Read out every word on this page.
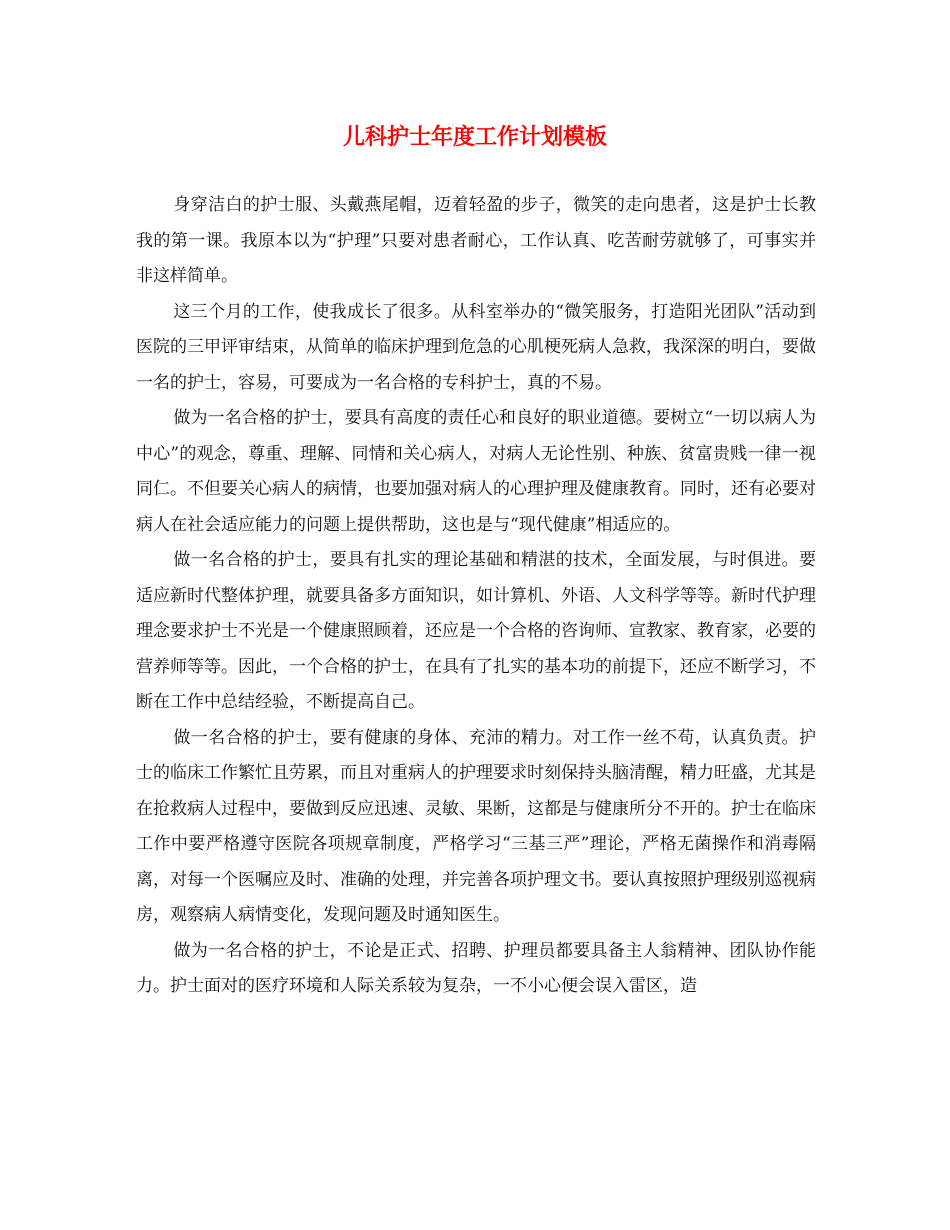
儿科护士年度工作计划模板

身穿洁白的护士服、头戴燕尾帽，迈着轻盈的步子，微笑的走向患者，这是护士长教我的第一课。我原本以为“护理”只要对患者耐心，工作认真、吃苦耐劳就够了，可事实并非这样简单。

这三个月的工作，使我成长了很多。从科室举办的“微笑服务，打造阳光团队”活动到医院的三甲评审结束，从简单的临床护理到危急的心肌梗死病人急救，我深深的明白，要做一名的护士，容易，可要成为一名合格的专科护士，真的不易。

做为一名合格的护士，要具有高度的责任心和良好的职业道德。要树立“一切以病人为中心”的观念，尊重、理解、同情和关心病人，对病人无论性别、种族、贫富贵贱一律一视同仁。不但要关心病人的病情，也要加强对病人的心理护理及健康教育。同时，还有必要对病人在社会适应能力的问题上提供帮助，这也是与“现代健康”相适应的。

做一名合格的护士，要具有扎实的理论基础和精湛的技术，全面发展，与时俱进。要适应新时代整体护理，就要具备多方面知识，如计算机、外语、人文科学等等。新时代护理理念要求护士不光是一个健康照顾着，还应是一个合格的咨询师、宣教家、教育家，必要的营养师等等。因此，一个合格的护士，在具有了扎实的基本功的前提下，还应不断学习，不断在工作中总结经验，不断提高自己。

做一名合格的护士，要有健康的身体、充沛的精力。对工作一丝不苟，认真负责。护士的临床工作繁忙且劳累，而且对重病人的护理要求时刻保持头脑清醒，精力旺盛，尤其是在抢救病人过程中，要做到反应迅速、灵敏、果断，这都是与健康所分不开的。护士在临床工作中要严格遵守医院各项规章制度，严格学习“三基三严”理论，严格无菌操作和消毒隔离，对每一个医嘱应及时、准确的处理，并完善各项护理文书。要认真按照护理级别巡视病房，观察病人病情变化，发现问题及时通知医生。

做为一名合格的护士，不论是正式、招聘、护理员都要具备主人翁精神、团队协作能力。护士面对的医疗环境和人际关系较为复杂，一不小心便会误入雷区，造
